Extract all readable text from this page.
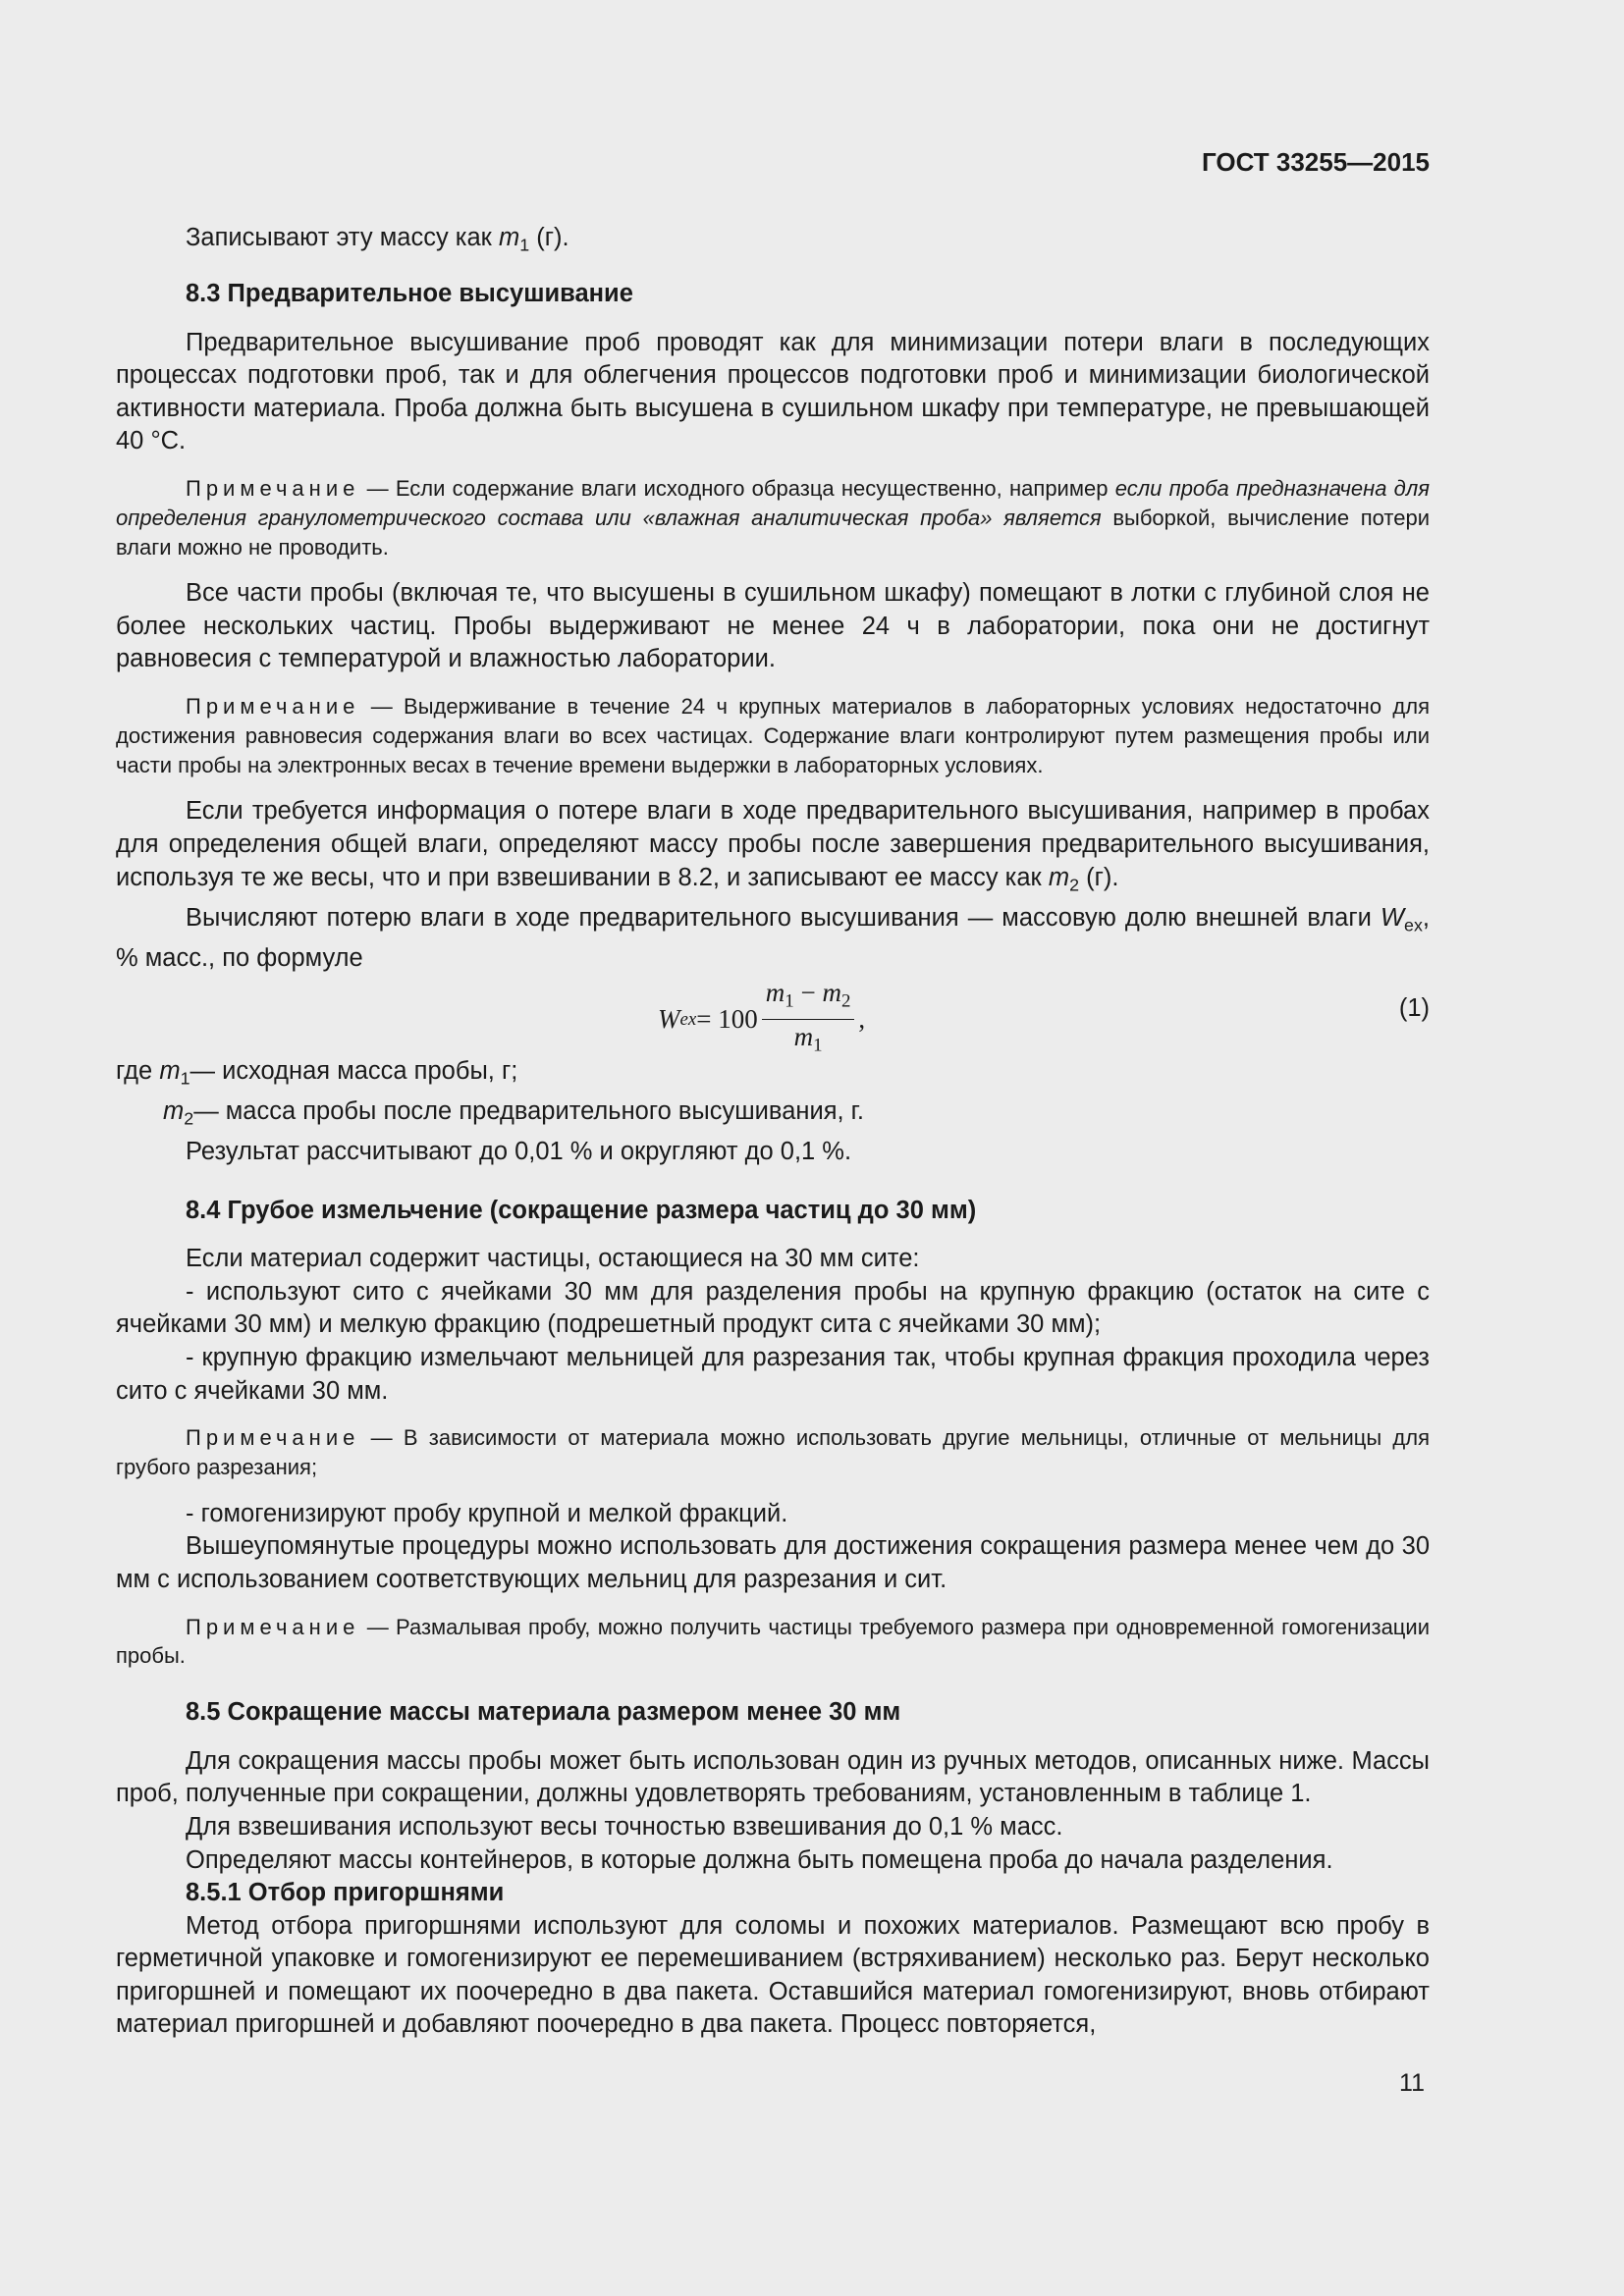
ГОСТ 33255—2015

Записывают эту массу как $m_1$ (г).

8.3 Предварительное высушивание

Предварительное высушивание проб проводят как для минимизации потери влаги в последующих процессах подготовки проб, так и для облегчения процессов подготовки проб и минимизации биологической активности материала. Проба должна быть высушена в сушильном шкафу при температуре, не превышающей 40 °С.

Примечание — Если содержание влаги исходного образца несущественно, например если проба предназначена для определения гранулометрического состава или «влажная аналитическая проба» является выборкой, вычисление потери влаги можно не проводить.

Все части пробы (включая те, что высушены в сушильном шкафу) помещают в лотки с глубиной слоя не более нескольких частиц. Пробы выдерживают не менее 24 ч в лаборатории, пока они не достигнут равновесия с температурой и влажностью лаборатории.

Примечание — Выдерживание в течение 24 ч крупных материалов в лабораторных условиях недостаточно для достижения равновесия содержания влаги во всех частицах. Содержание влаги контролируют путем размещения пробы или части пробы на электронных весах в течение времени выдержки в лабораторных условиях.

Если требуется информация о потере влаги в ходе предварительного высушивания, например в пробах для определения общей влаги, определяют массу пробы после завершения предварительного высушивания, используя те же весы, что и при взвешивании в 8.2, и записывают ее массу как $m_2$ (г).

Вычисляют потерю влаги в ходе предварительного высушивания — массовую долю внешней влаги $W_{ex}$, % масс., по формуле

W ex = $100 \frac{m_1 - m_2}{m_1}$ ,	(1)

где $m_1—$ исходная масса пробы, г;

$m_2—$ масса пробы после предварительного высушивания, г.

Результат рассчитывают до 0,01 % и округляют до 0,1 %.

8.4 Грубое измельчение (сокращение размера частиц до 30 мм)

Если материал содержит частицы, остающиеся на 30 мм сите:

- используют сито с ячейками 30 мм для разделения пробы на крупную фракцию (остаток на сите с ячейками 30 мм) и мелкую фракцию (подрешетный продукт сита с ячейками 30 мм);

- крупную фракцию измельчают мельницей для разрезания так, чтобы крупная фракция проходила через сито с ячейками 30 мм.

Примечание — В зависимости от материала можно использовать другие мельницы, отличные от мельницы для грубого разрезания;

- гомогенизируют пробу крупной и мелкой фракций.

Вышеупомянутые процедуры можно использовать для достижения сокращения размера менее чем до 30 мм с использованием соответствующих мельниц для разрезания и сит.

Примечание — Размалывая пробу, можно получить частицы требуемого размера при одновременной гомогенизации пробы.

8.5 Сокращение массы материала размером менее 30 мм

Для сокращения массы пробы может быть использован один из ручных методов, описанных ниже. Массы проб, полученные при сокращении, должны удовлетворять требованиям, установленным в таблице 1.

Для взвешивания используют весы точностью взвешивания до 0,1 % масс.

Определяют массы контейнеров, в которые должна быть помещена проба до начала разделения.

8.5.1 Отбор пригоршнями

Метод отбора пригоршнями используют для соломы и похожих материалов. Размещают всю пробу в герметичной упаковке и гомогенизируют ее перемешиванием (встряхиванием) несколько раз. Берут несколько пригоршней и помещают их поочередно в два пакета. Оставшийся материал гомогенизируют, вновь отбирают материал пригоршней и добавляют поочередно в два пакета. Процесс повторяется,

11
